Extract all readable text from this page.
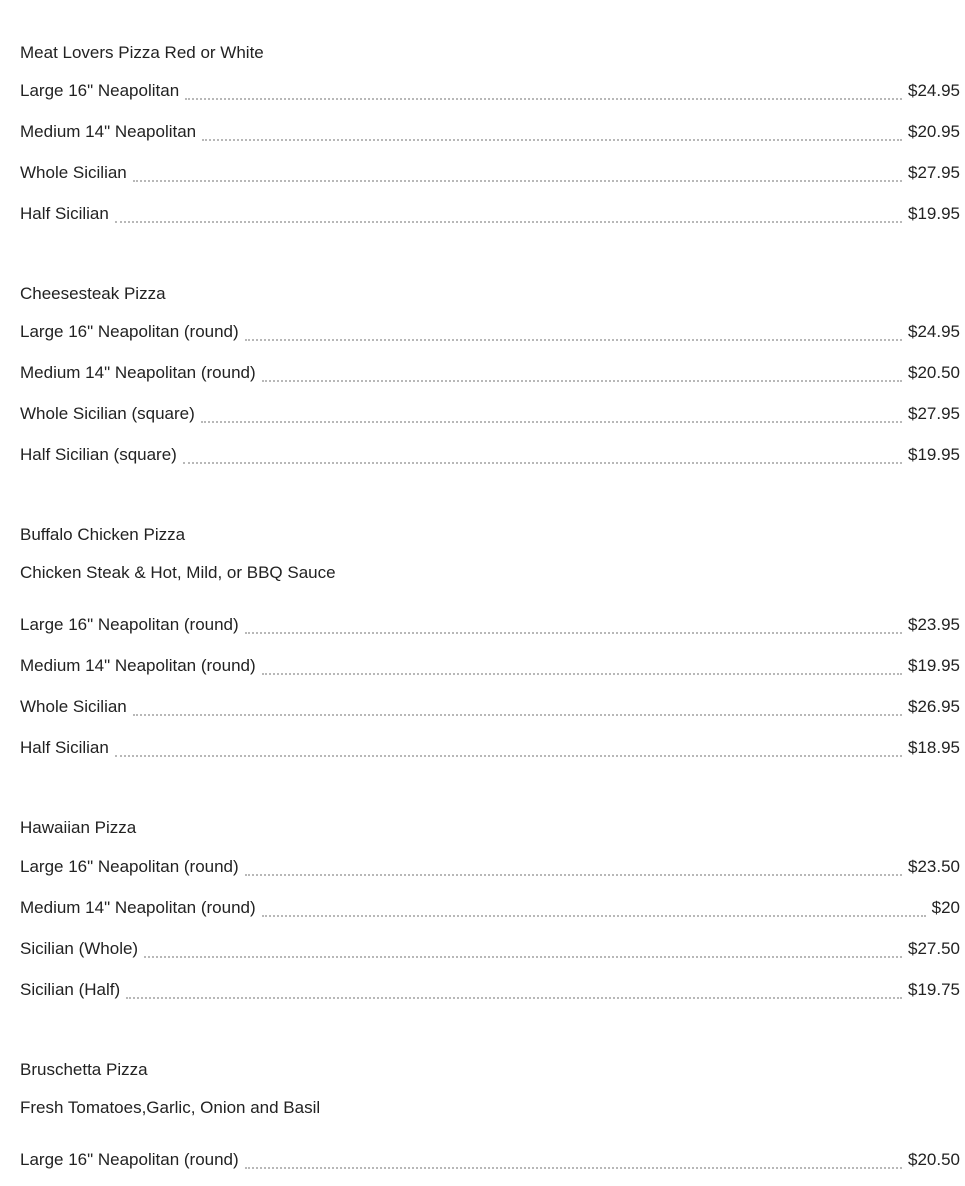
Meat Lovers Pizza Red or White
Large 16" Neapolitan	$24.95
Medium 14" Neapolitan	$20.95
Whole Sicilian	$27.95
Half Sicilian	$19.95
Cheesesteak Pizza
Large 16" Neapolitan (round)	$24.95
Medium 14" Neapolitan (round)	$20.50
Whole Sicilian (square)	$27.95
Half Sicilian (square)	$19.95
Buffalo Chicken Pizza
Chicken Steak & Hot, Mild, or BBQ Sauce
Large 16" Neapolitan (round)	$23.95
Medium 14" Neapolitan (round)	$19.95
Whole Sicilian	$26.95
Half Sicilian	$18.95
Hawaiian Pizza
Large 16" Neapolitan (round)	$23.50
Medium 14" Neapolitan (round)	$20
Sicilian (Whole)	$27.50
Sicilian (Half)	$19.75
Bruschetta Pizza
Fresh Tomatoes,Garlic, Onion and Basil
Large 16" Neapolitan (round)	$20.50
